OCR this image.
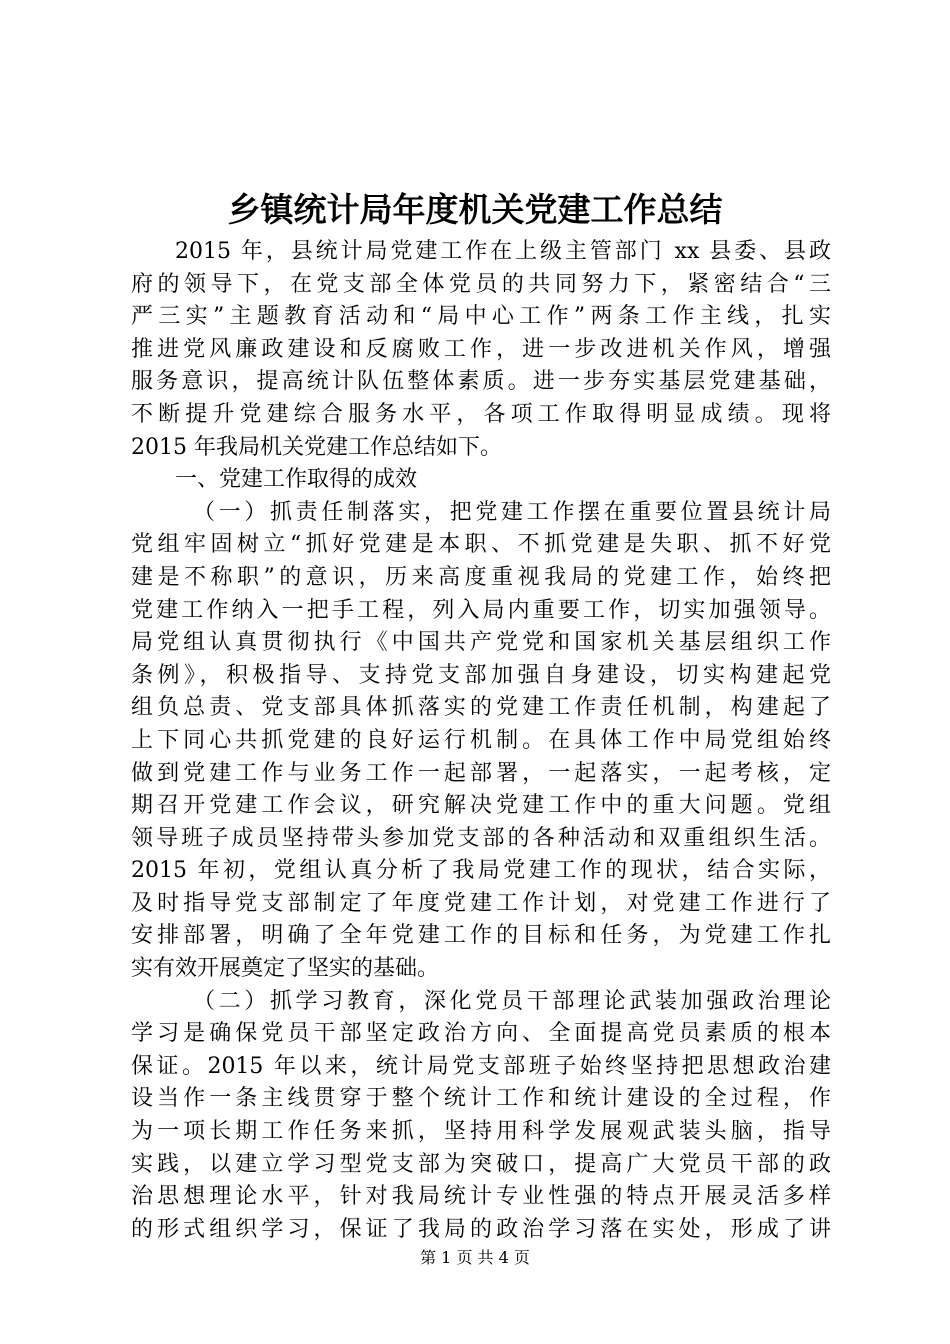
乡镇统计局年度机关党建工作总结
2015 年，县统计局党建工作在上级主管部门 xx 县委、县政
府的领导下，在党支部全体党员的共同努力下，紧密结合“三
严三实”主题教育活动和“局中心工作”两条工作主线，扎实
推进党风廉政建设和反腐败工作，进一步改进机关作风，增强
服务意识，提高统计队伍整体素质。进一步夯实基层党建基础，
不断提升党建综合服务水平，各项工作取得明显成绩。现将
2015 年我局机关党建工作总结如下。
一、党建工作取得的成效
（一）抓责任制落实，把党建工作摆在重要位置县统计局
党组牢固树立“抓好党建是本职、不抓党建是失职、抓不好党
建是不称职”的意识，历来高度重视我局的党建工作，始终把
党建工作纳入一把手工程，列入局内重要工作，切实加强领导。
局党组认真贯彻执行《中国共产党党和国家机关基层组织工作
条例》，积极指导、支持党支部加强自身建设，切实构建起党
组负总责、党支部具体抓落实的党建工作责任机制，构建起了
上下同心共抓党建的良好运行机制。在具体工作中局党组始终
做到党建工作与业务工作一起部署，一起落实，一起考核，定
期召开党建工作会议，研究解决党建工作中的重大问题。党组
领导班子成员坚持带头参加党支部的各种活动和双重组织生活。
2015 年初，党组认真分析了我局党建工作的现状，结合实际，
及时指导党支部制定了年度党建工作计划，对党建工作进行了
安排部署，明确了全年党建工作的目标和任务，为党建工作扎
实有效开展奠定了坚实的基础。
（二）抓学习教育，深化党员干部理论武装加强政治理论
学习是确保党员干部坚定政治方向、全面提高党员素质的根本
保证。2015 年以来，统计局党支部班子始终坚持把思想政治建
设当作一条主线贯穿于整个统计工作和统计建设的全过程，作
为一项长期工作任务来抓，坚持用科学发展观武装头脑，指导
实践，以建立学习型党支部为突破口，提高广大党员干部的政
治思想理论水平，针对我局统计专业性强的特点开展灵活多样
的形式组织学习，保证了我局的政治学习落在实处，形成了讲
第 1 页 共 4 页
